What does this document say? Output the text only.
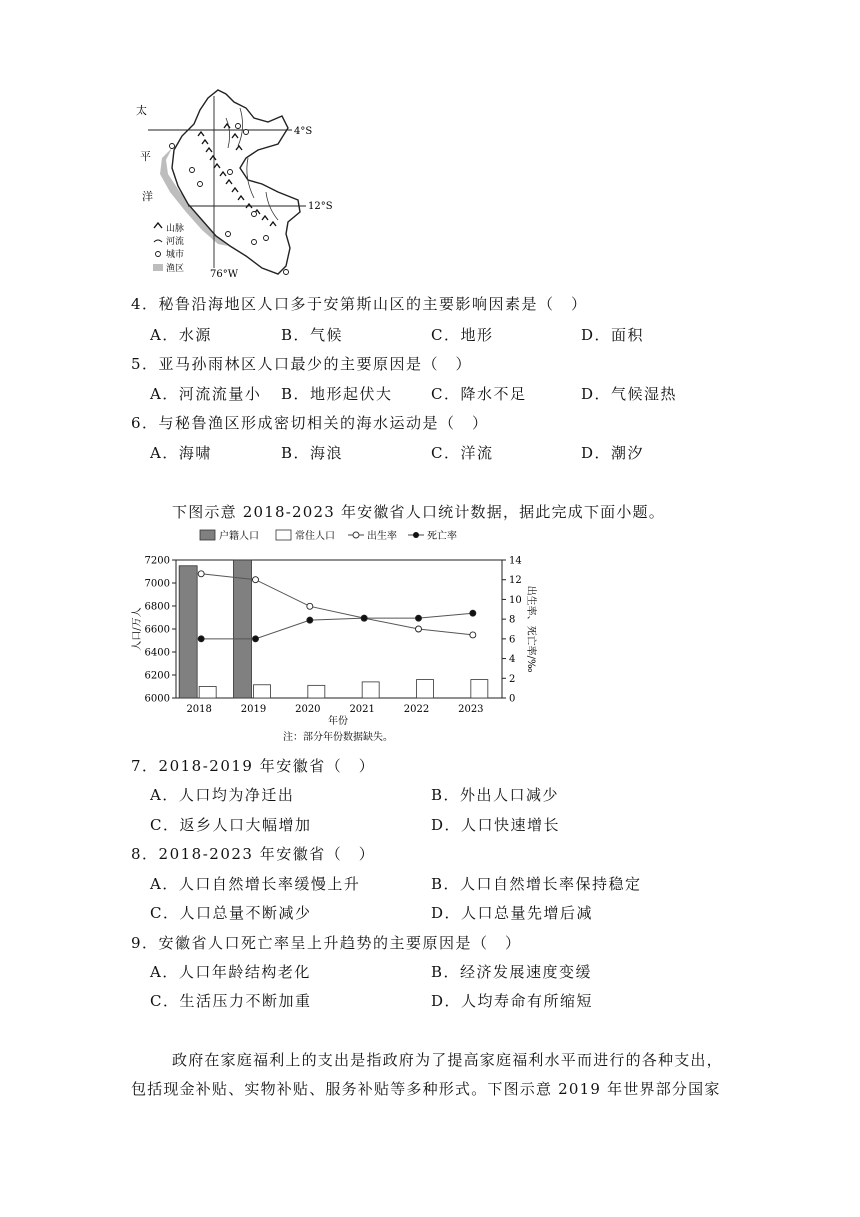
太
平
洋
4°S
12°S
76°W
山脉
河流
城市
渔区
4．秘鲁沿海地区人口多于安第斯山区的主要影响因素是（　）
A．水源	B．气候	C．地形	D．面积
5．亚马孙雨林区人口最少的主要原因是（　）
A．河流流量小 B．地形起伏大	C．降水不足	D．气候湿热
6．与秘鲁渔区形成密切相关的海水运动是（　）
A．海啸	B．海浪	C．洋流	D．潮汐
下图示意 2018-2023 年安徽省人口统计数据，据此完成下面小题。
户籍人口	常住人口	出生率	死亡率
人口/万人	出生率、死亡率/‰
年份
注：部分年份数据缺失。
6000
6200
6400
6600
6800
7000
7200
0
2
4
6
8
10
12
14
2018	2019	2020	2021	2022	2023
7．2018-2019 年安徽省（　）
A．人口均为净迁出	B．外出人口减少
C．返乡人口大幅增加	D．人口快速增长
8．2018-2023 年安徽省（　）
A．人口自然增长率缓慢上升	B．人口自然增长率保持稳定
C．人口总量不断减少	D．人口总量先增后减
9．安徽省人口死亡率呈上升趋势的主要原因是（　）
A．人口年龄结构老化	B．经济发展速度变缓
C．生活压力不断加重	D．人均寿命有所缩短
政府在家庭福利上的支出是指政府为了提高家庭福利水平而进行的各种支出，
包括现金补贴、实物补贴、服务补贴等多种形式。下图示意 2019 年世界部分国家
